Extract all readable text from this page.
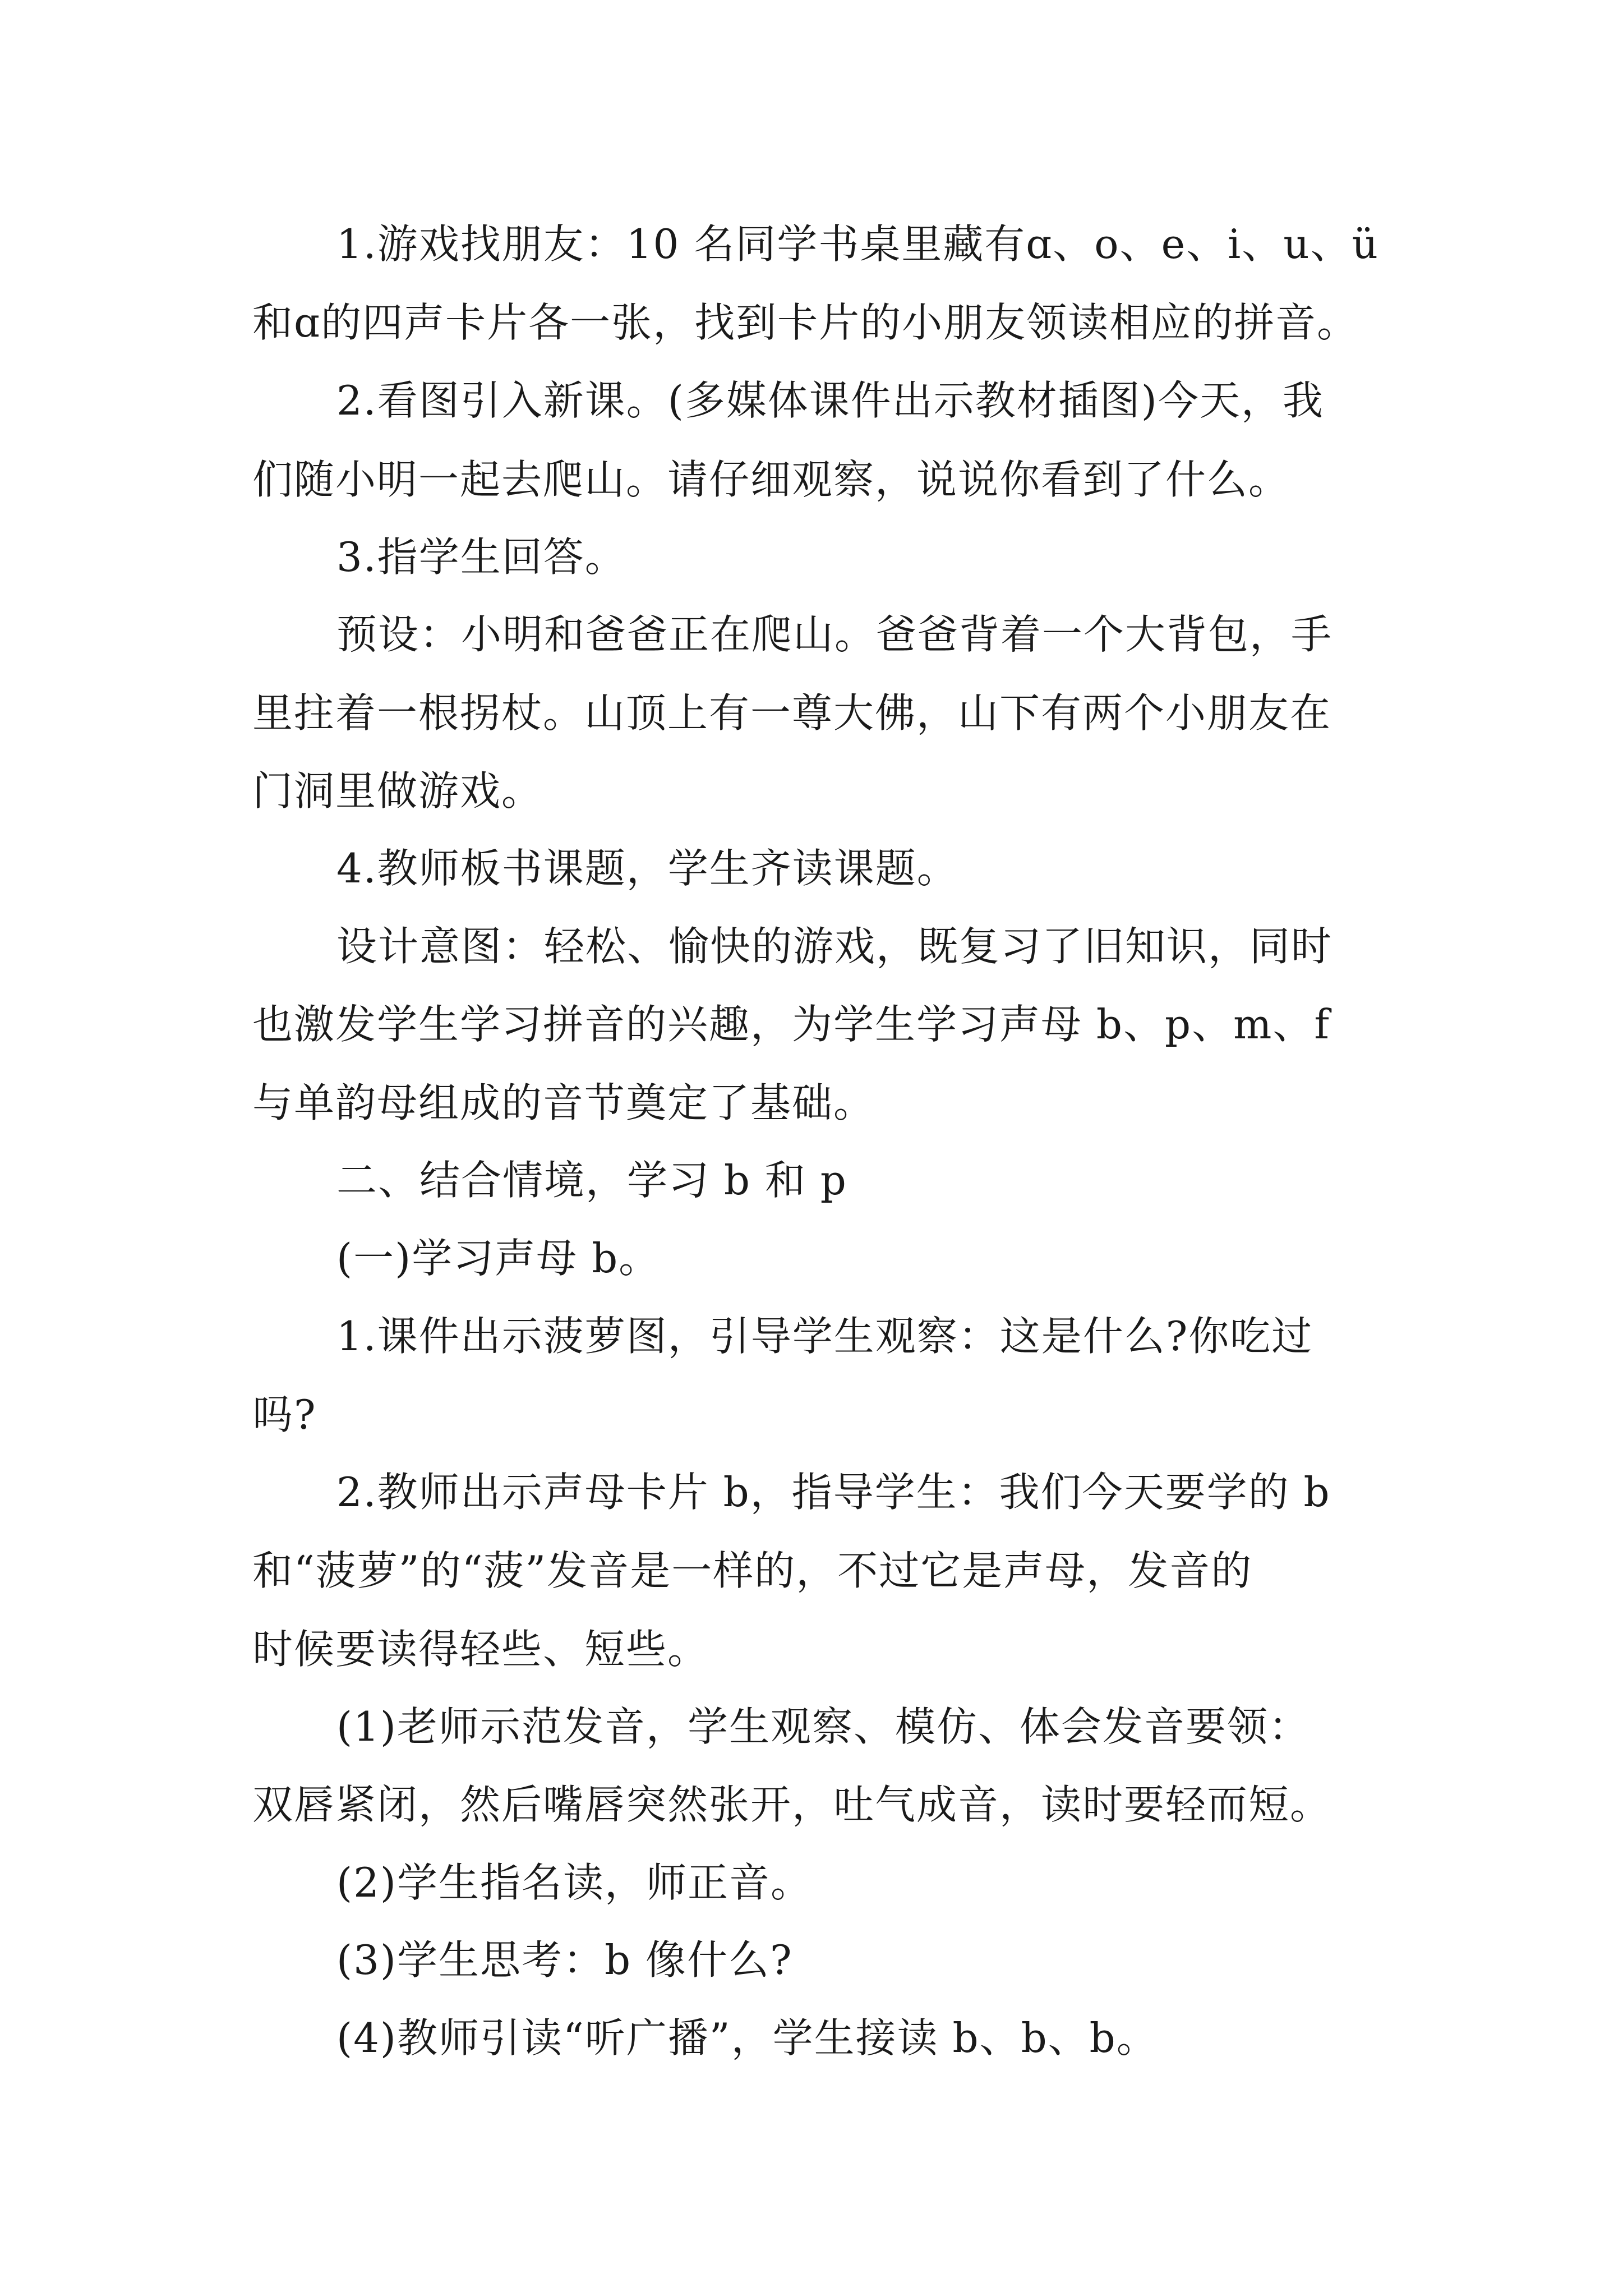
1.游戏找朋友：10 名同学书桌里藏有ɑ、o、e、i、u、ü

和ɑ的四声卡片各一张，找到卡片的小朋友领读相应的拼音。

2.看图引入新课。(多媒体课件出示教材插图)今天，我

们随小明一起去爬山。请仔细观察，说说你看到了什么。

3.指学生回答。

预设：小明和爸爸正在爬山。爸爸背着一个大背包，手

里拄着一根拐杖。山顶上有一尊大佛，山下有两个小朋友在

门洞里做游戏。

4.教师板书课题，学生齐读课题。

设计意图：轻松、愉快的游戏，既复习了旧知识，同时

也激发学生学习拼音的兴趣，为学生学习声母 b、p、m、f

与单韵母组成的音节奠定了基础。

二、结合情境，学习 b 和 p

(一)学习声母 b。

1.课件出示菠萝图，引导学生观察：这是什么?你吃过

吗?

2.教师出示声母卡片 b，指导学生：我们今天要学的 b

和“菠萝”的“菠”发音是一样的，不过它是声母，发音的

时候要读得轻些、短些。

(1)老师示范发音，学生观察、模仿、体会发音要领：

双唇紧闭，然后嘴唇突然张开，吐气成音，读时要轻而短。

(2)学生指名读，师正音。

(3)学生思考：b 像什么?

(4)教师引读“听广播”，学生接读 b、b、b。
